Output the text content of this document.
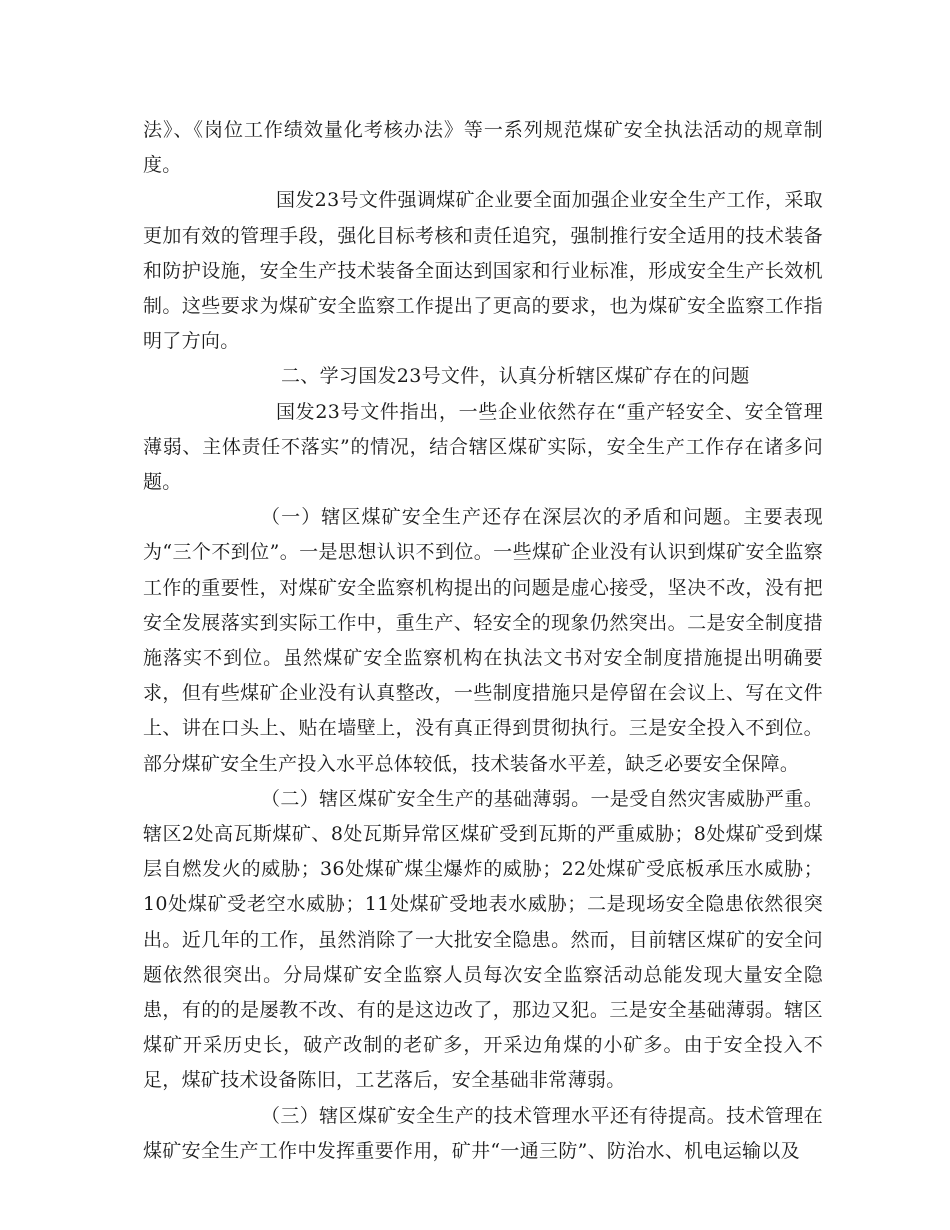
法》、《岗位工作绩效量化考核办法》等一系列规范煤矿安全执法活动的规章制度。

国发23号文件强调煤矿企业要全面加强企业安全生产工作，采取更加有效的管理手段，强化目标考核和责任追究，强制推行安全适用的技术装备和防护设施，安全生产技术装备全面达到国家和行业标准，形成安全生产长效机制。这些要求为煤矿安全监察工作提出了更高的要求，也为煤矿安全监察工作指明了方向。

二、学习国发23号文件，认真分析辖区煤矿存在的问题

国发23号文件指出，一些企业依然存在“重产轻安全、安全管理薄弱、主体责任不落实”的情况，结合辖区煤矿实际，安全生产工作存在诸多问题。

（一）辖区煤矿安全生产还存在深层次的矛盾和问题。主要表现为“三个不到位”。一是思想认识不到位。一些煤矿企业没有认识到煤矿安全监察工作的重要性，对煤矿安全监察机构提出的问题是虚心接受，坚决不改，没有把安全发展落实到实际工作中，重生产、轻安全的现象仍然突出。二是安全制度措施落实不到位。虽然煤矿安全监察机构在执法文书对安全制度措施提出明确要求，但有些煤矿企业没有认真整改，一些制度措施只是停留在会议上、写在文件上、讲在口头上、贴在墙壁上，没有真正得到贯彻执行。三是安全投入不到位。部分煤矿安全生产投入水平总体较低，技术装备水平差，缺乏必要安全保障。

（二）辖区煤矿安全生产的基础薄弱。一是受自然灾害威胁严重。辖区2处高瓦斯煤矿、8处瓦斯异常区煤矿受到瓦斯的严重威胁；8处煤矿受到煤层自燃发火的威胁；36处煤矿煤尘爆炸的威胁；22处煤矿受底板承压水威胁；10处煤矿受老空水威胁；11处煤矿受地表水威胁；二是现场安全隐患依然很突出。近几年的工作，虽然消除了一大批安全隐患。然而，目前辖区煤矿的安全问题依然很突出。分局煤矿安全监察人员每次安全监察活动总能发现大量安全隐患，有的的是屡教不改、有的是这边改了，那边又犯。三是安全基础薄弱。辖区煤矿开采历史长，破产改制的老矿多，开采边角煤的小矿多。由于安全投入不足，煤矿技术设备陈旧，工艺落后，安全基础非常薄弱。

（三）辖区煤矿安全生产的技术管理水平还有待提高。技术管理在煤矿安全生产工作中发挥重要作用，矿井“一通三防”、防治水、机电运输以及
